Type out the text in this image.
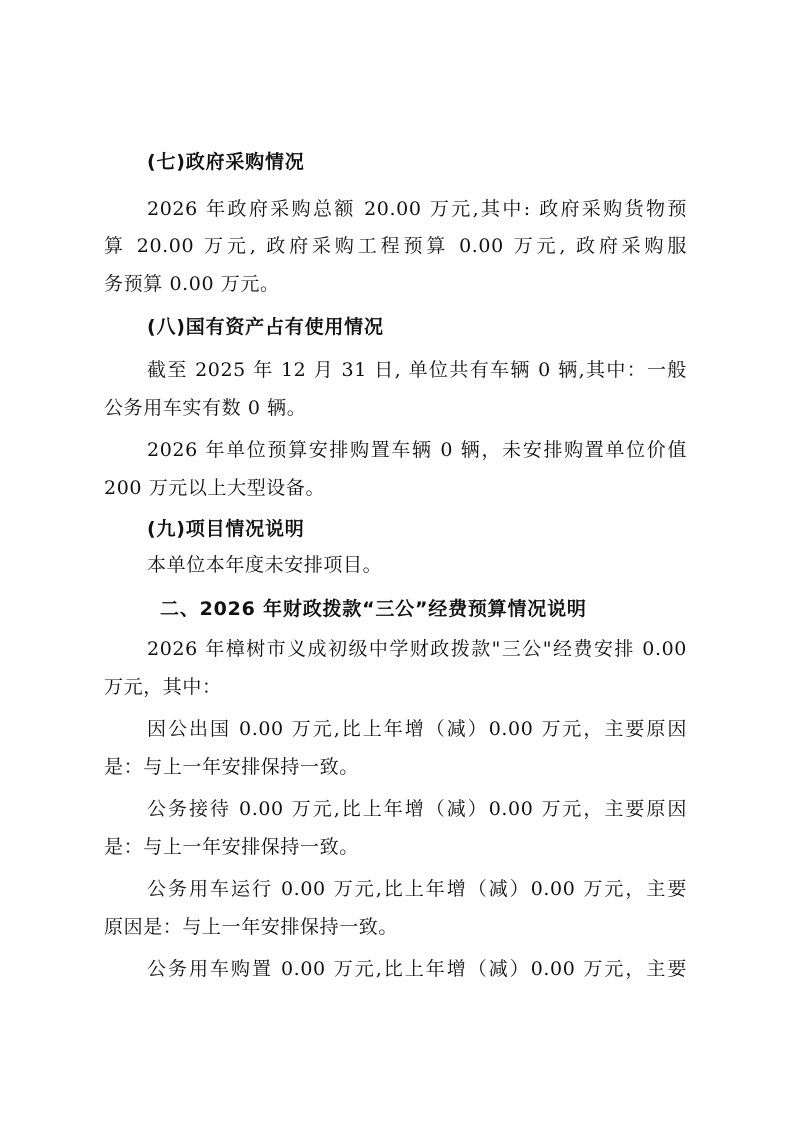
(七)政府采购情况
2026 年政府采购总额 20.00 万元,其中: 政府采购货物预
算 20.00 万元, 政府采购工程预算 0.00 万元, 政府采购服
务预算 0.00 万元。
(八)国有资产占有使用情况
截至 2025 年 12 月 31 日, 单位共有车辆 0 辆,其中：一般
公务用车实有数 0 辆。
2026 年单位预算安排购置车辆 0 辆，未安排购置单位价值
200 万元以上大型设备。
(九)项目情况说明
本单位本年度未安排项目。
二、2026 年财政拨款“三公”经费预算情况说明
2026 年樟树市义成初级中学财政拨款"三公"经费安排 0.00
万元，其中：
因公出国 0.00 万元,比上年增（减）0.00 万元，主要原因
是：与上一年安排保持一致。
公务接待 0.00 万元,比上年增（减）0.00 万元，主要原因
是：与上一年安排保持一致。
公务用车运行 0.00 万元,比上年增（减）0.00 万元，主要
原因是：与上一年安排保持一致。
公务用车购置 0.00 万元,比上年增（减）0.00 万元，主要
